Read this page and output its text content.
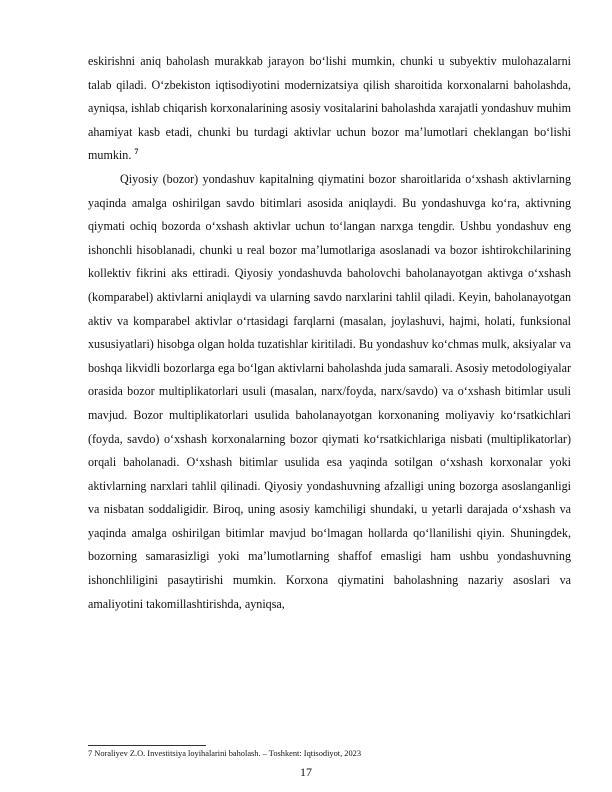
eskirishni aniq baholash murakkab jarayon bo‘lishi mumkin, chunki u subyektiv mulohazalarni talab qiladi. O‘zbekiston iqtisodiyotini modernizatsiya qilish sharoitida korxonalarni baholashda, ayniqsa, ishlab chiqarish korxonalarining asosiy vositalarini baholashda xarajatli yondashuv muhim ahamiyat kasb etadi, chunki bu turdagi aktivlar uchun bozor ma’lumotlari cheklangan bo‘lishi mumkin. $^7$

Qiyosiy (bozor) yondashuv kapitalning qiymatini bozor sharoitlarida o‘xshash aktivlarning yaqinda amalga oshirilgan savdo bitimlari asosida aniqlaydi. Bu yondashuvga ko‘ra, aktivning qiymati ochiq bozorda o‘xshash aktivlar uchun to‘langan narxga tengdir. Ushbu yondashuv eng ishonchli hisoblanadi, chunki u real bozor ma’lumotlariga asoslanadi va bozor ishtirokchilarining kollektiv fikrini aks ettiradi. Qiyosiy yondashuvda baholovchi baholanayotgan aktivga o‘xshash (komparabel) aktivlarni aniqlaydi va ularning savdo narxlarini tahlil qiladi. Keyin, baholanayotgan aktiv va komparabel aktivlar o‘rtasidagi farqlarni (masalan, joylashuvi, hajmi, holati, funksional xususiyatlari) hisobga olgan holda tuzatishlar kiritiladi. Bu yondashuv ko‘chmas mulk, aksiyalar va boshqa likvidli bozorlarga ega bo‘lgan aktivlarni baholashda juda samarali. Asosiy metodologiyalar orasida bozor multiplikatorlari usuli (masalan, narx/foyda, narx/savdo) va o‘xshash bitimlar usuli mavjud. Bozor multiplikatorlari usulida baholanayotgan korxonaning moliyaviy ko‘rsatkichlari (foyda, savdo) o‘xshash korxonalarning bozor qiymati ko‘rsatkichlariga nisbati (multiplikatorlar) orqali baholanadi. O‘xshash bitimlar usulida esa yaqinda sotilgan o‘xshash korxonalar yoki aktivlarning narxlari tahlil qilinadi. Qiyosiy yondashuvning afzalligi uning bozorga asoslanganligi va nisbatan soddaligidir. Biroq, uning asosiy kamchiligi shundaki, u yetarli darajada o‘xshash va yaqinda amalga oshirilgan bitimlar mavjud bo‘lmagan hollarda qo‘llanilishi qiyin. Shuningdek, bozorning samarasizligi yoki ma’lumotlarning shaffof emasligi ham ushbu yondashuvning ishonchliligini pasaytirishi mumkin. Korxona qiymatini baholashning nazariy asoslari va amaliyotini takomillashtirishda, ayniqsa,

7 Noraliyev Z.O. Investitsiya loyihalarini baholash. – Toshkent: Iqtisodiyot, 2023
17
